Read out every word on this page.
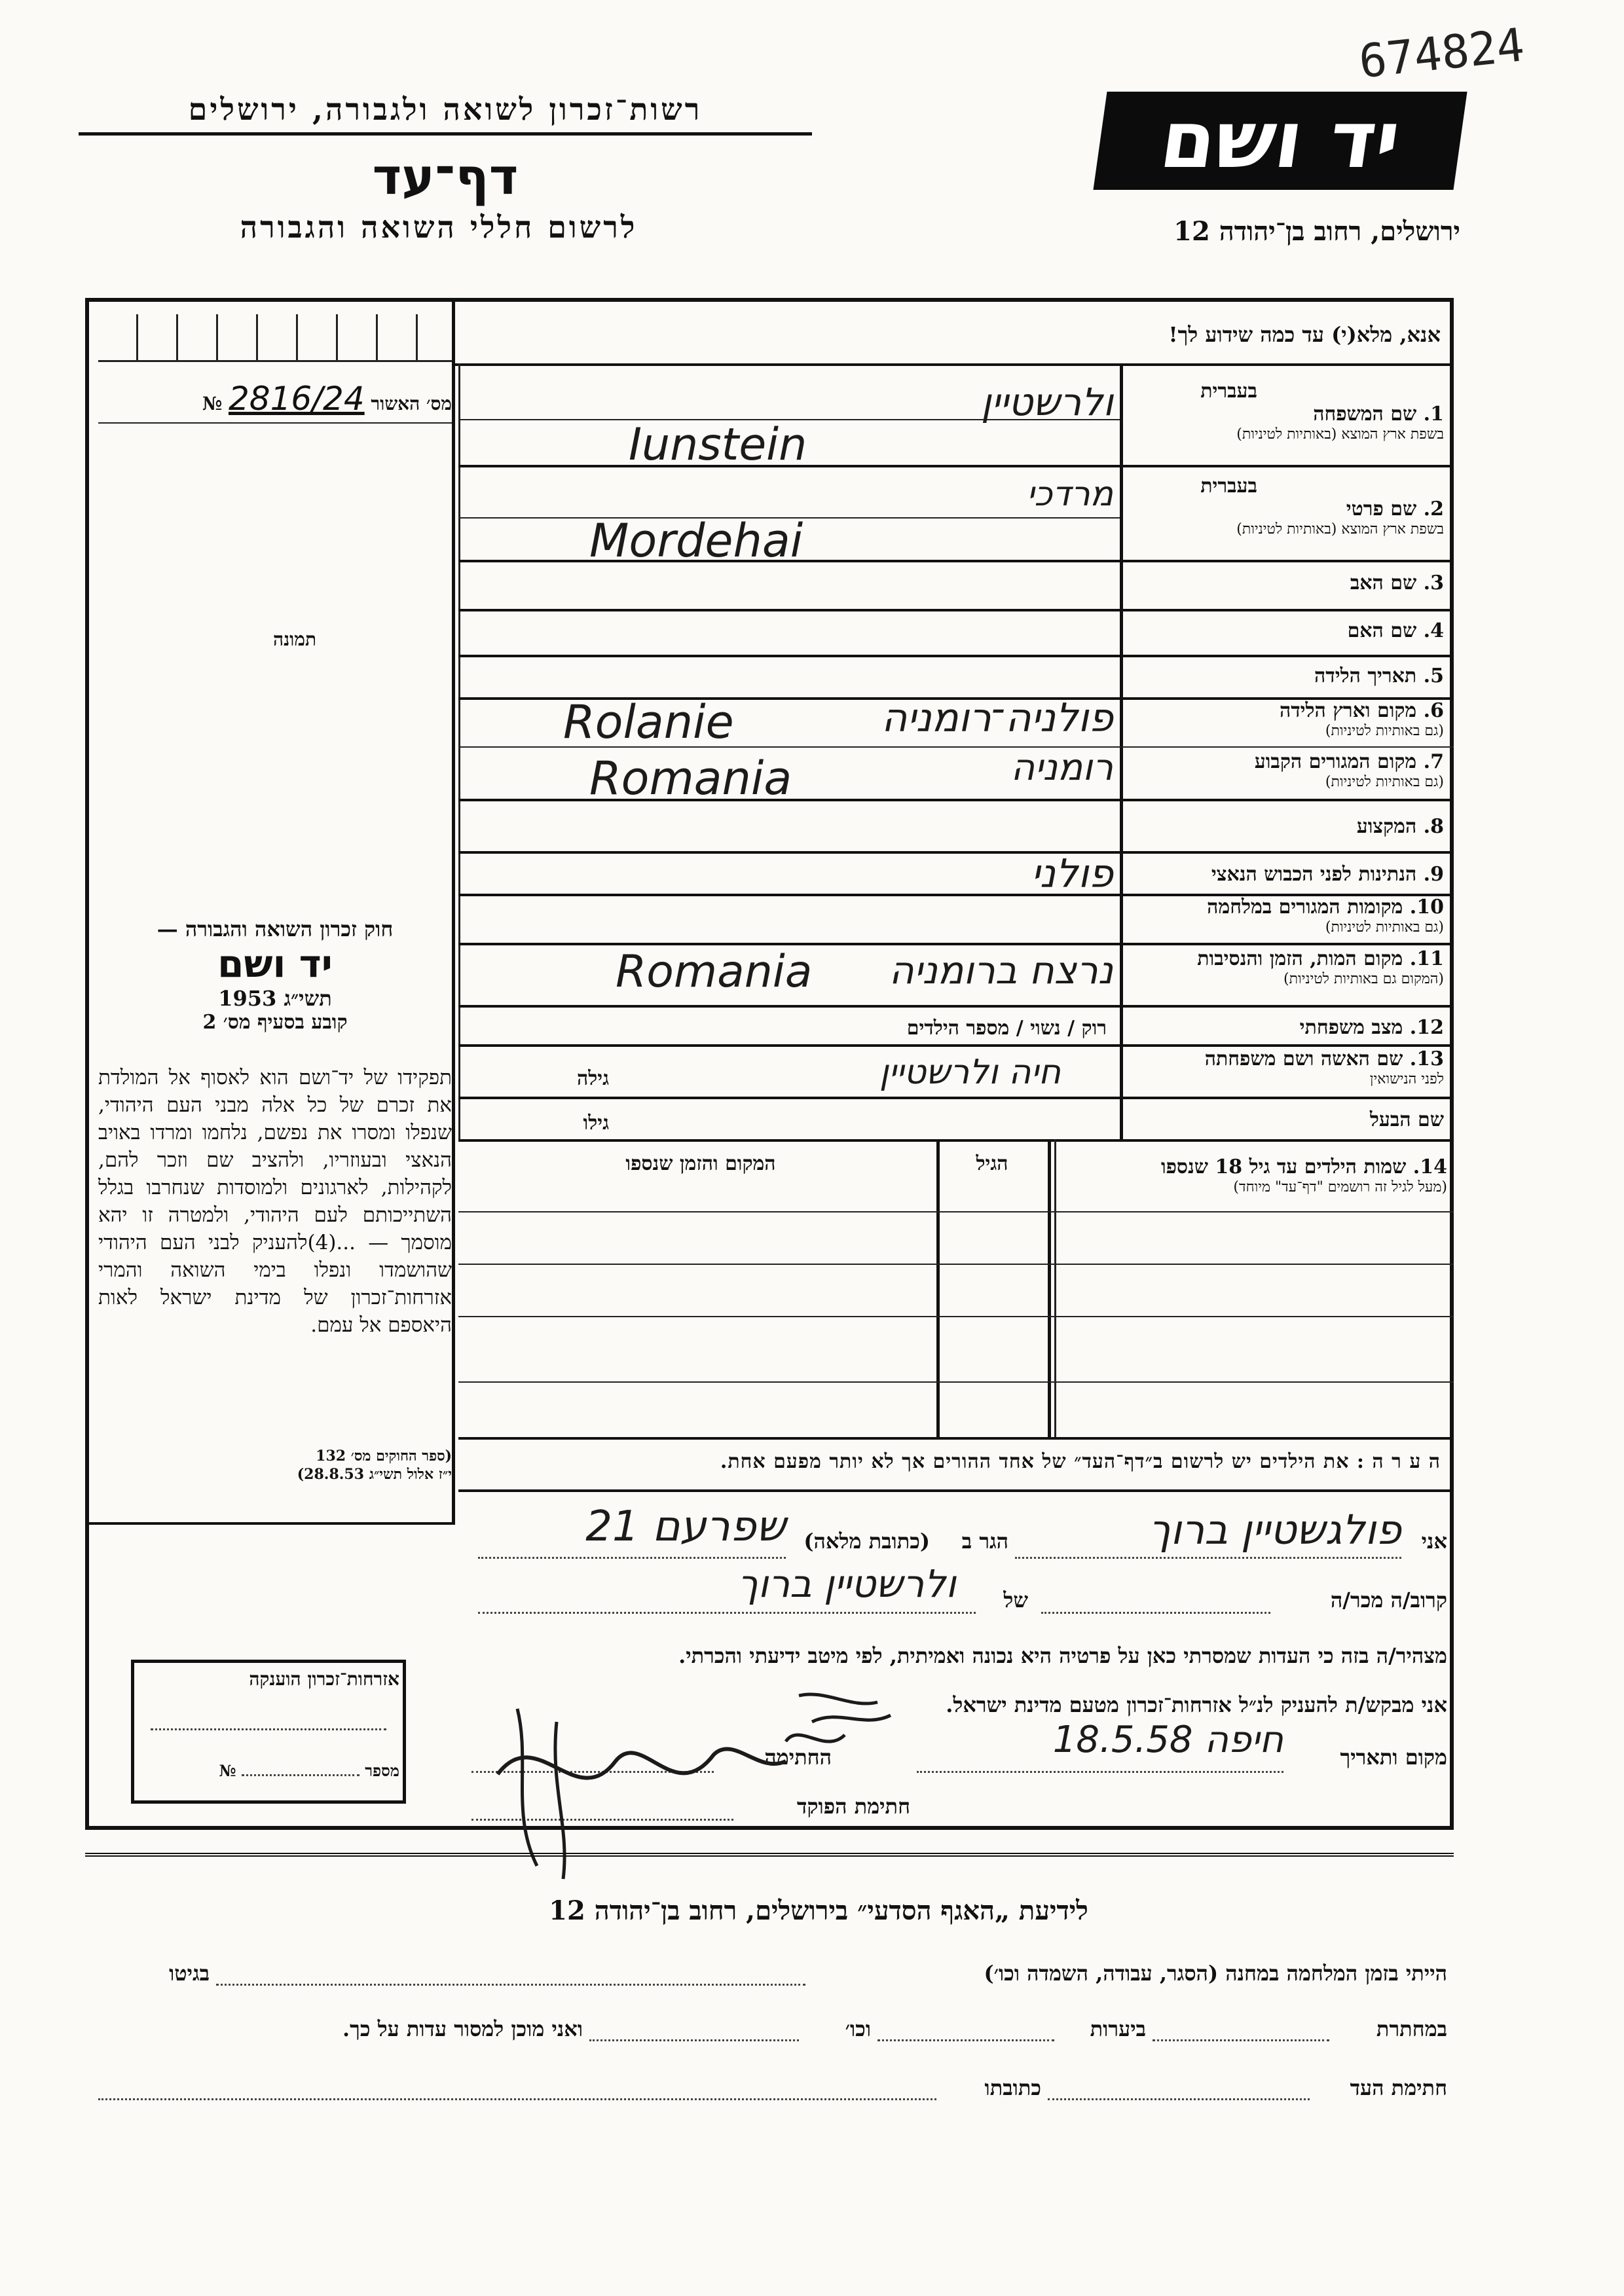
674824
יד ושם
ירושלים, רחוב בן־יהודה 12
רשות־זכרון לשואה ולגבורה, ירושלים
דף־עד
לרשום חללי השואה והגבורה
מס׳ האשור 2816/24 №
תמונה
אנא, מלא(י) עד כמה שידוע לך!
בעברית
1. שם המשפחה
בשפת ארץ המוצא (באותיות לטיניות)
בעברית
2. שם פרטי
בשפת ארץ המוצא (באותיות לטיניות)
3. שם האב
4. שם האם
5. תאריך הלידה
6. מקום וארץ הלידה
(גם באותיות לטיניות)
7. מקום המגורים הקבוע
(גם באותיות לטיניות)
8. המקצוע
9. הנתינות לפני הכבוש הנאצי
10. מקומות המגורים במלחמה
(גם באותיות לטיניות)
11. מקום המות, הזמן והנסיבות
(המקום גם באותיות לטיניות)
12. מצב משפחתי
רוק / נשוי / מספר הילדים
13. שם האשה ושם משפחתה
לפני הנישואין
גילה
שם הבעל
גילו
ולרשטיין
Iunstein
מרדכי
Mordehai
פולניה־רומניה
Rolanie
רומניה
Romania
פולני
נרצח ברומניה
Romania
חיה ולרשטיין
14. שמות הילדים עד גיל 18 שנספו
(מעל לגיל זה רושמים "דף־עד" מיוחד)
הגיל
המקום והזמן שנספו
ה ע ר ה : את הילדים יש לרשום ב״דף־העד״ של אחד ההורים אך לא יותר מפעם אחת.
חוק זכרון השואה והגבורה —
יד ושם
תשי״ג 1953
קובע בסעיף מס׳ 2
תפקידו של יד־ושם הוא לאסוף אל המולדת את זכרם של כל אלה מבני העם היהודי, שנפלו ומסרו את נפשם, נלחמו ומרדו באויב הנאצי ובעוזריו, ולהציב שם וזכר להם, לקהילות, לארגונים ולמוסדות שנחרבו בגלל השתייכותם לעם היהודי, ולמטרה זו יהא מוסמך — ...(4)להעניק לבני העם היהודי שהושמדו ונפלו בימי השואה והמרי אזרחות־זכרון של מדינת ישראל לאות היאספם אל עמם.
(ספר החוקים מס׳ 132
י״ז אלול תשי״ג 28.8.53)
אני
פולגשטיין ברוך
הגר ב
(כתובת מלאה)
שפרעם 21
קרוב/ה מכר/ה
של
ולרשטיין ברוך
מצהיר/ה בזה כי העדות שמסרתי כאן על פרטיה היא נכונה ואמיתית, לפי מיטב ידיעתי והכרתי.
אני מבקש/ת להעניק לנ״ל אזרחות־זכרון מטעם מדינת ישראל.
מקום ותאריך
חיפה 18.5.58
החתימה
חתימת הפוקד
אזרחות־זכרון הוענקה
מספר  №
לידיעת „האגף הסדעי״ בירושלים, רחוב בן־יהודה 12
הייתי בזמן המלחמה במחנה (הסגר, עבודה, השמדה וכו׳)
בגיטו
במחתרת
ביערות
וכו׳
ואני מוכן למסור עדות על כך.
חתימת העד
כתובתו
